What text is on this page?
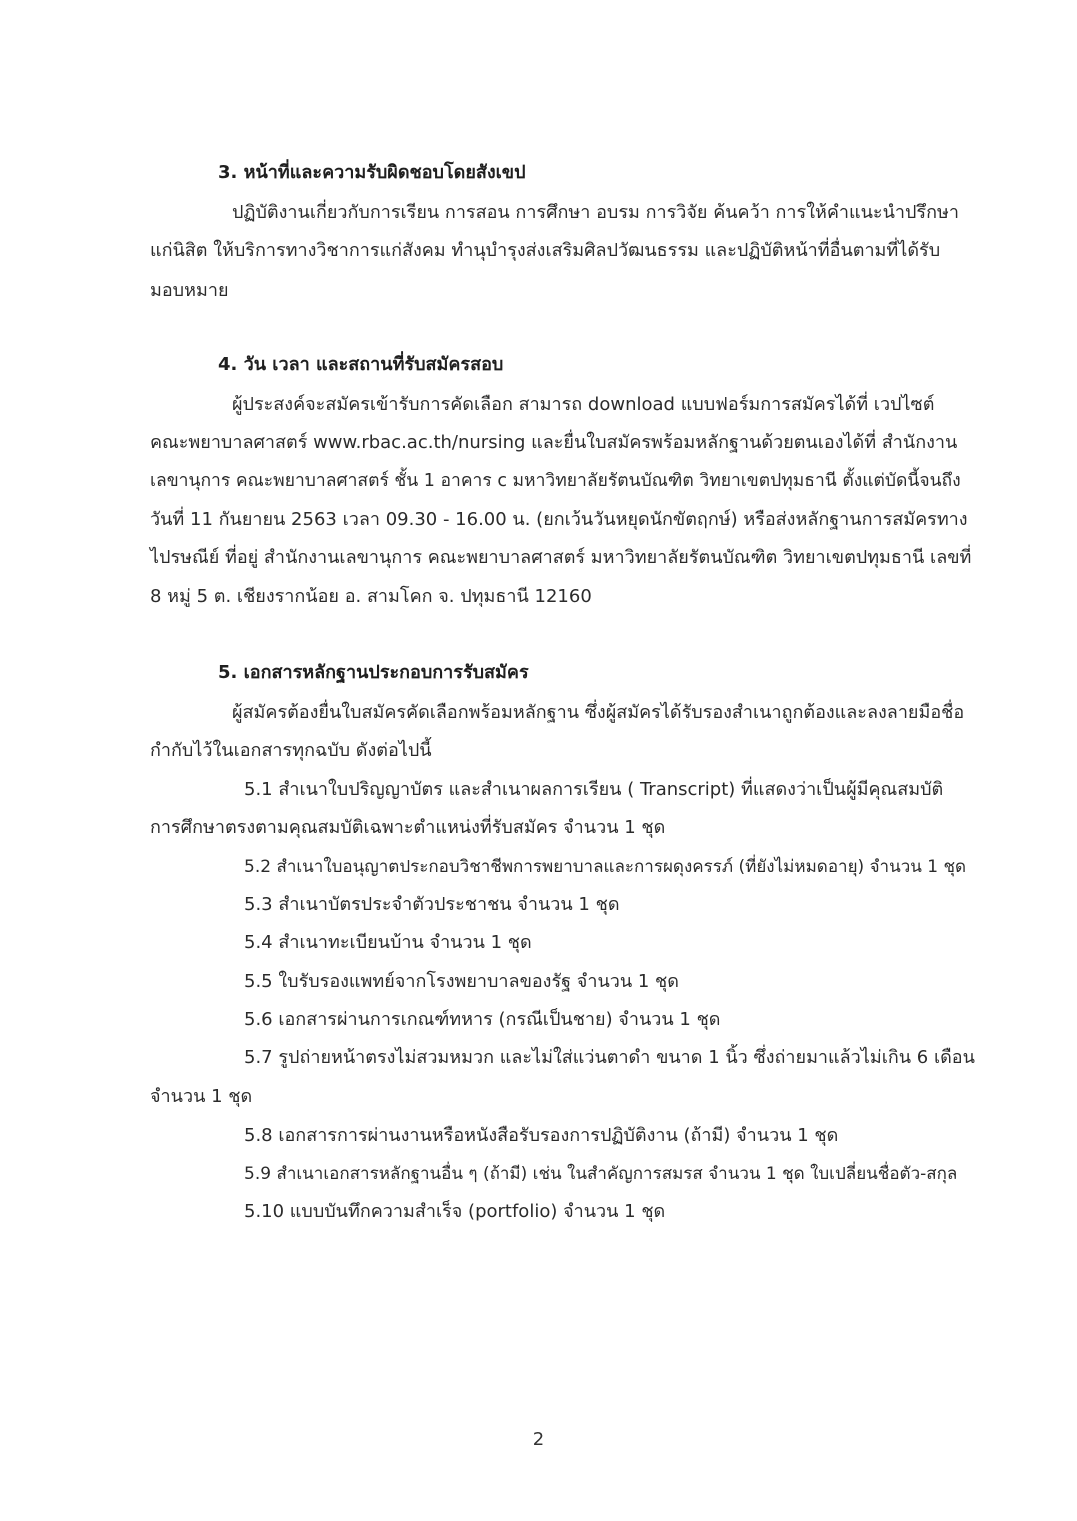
3. หน้าที่และความรับผิดชอบโดยสังเขป
ปฏิบัติงานเกี่ยวกับการเรียน การสอน การศึกษา อบรม การวิจัย ค้นคว้า การให้คำแนะนำปรึกษา
แก่นิสิต ให้บริการทางวิชาการแก่สังคม ทำนุบำรุงส่งเสริมศิลปวัฒนธรรม และปฏิบัติหน้าที่อื่นตามที่ได้รับ
มอบหมาย
4. วัน เวลา และสถานที่รับสมัครสอบ
ผู้ประสงค์จะสมัครเข้ารับการคัดเลือก สามารถ download แบบฟอร์มการสมัครได้ที่ เวปไซต์
คณะพยาบาลศาสตร์ www.rbac.ac.th/nursing และยื่นใบสมัครพร้อมหลักฐานด้วยตนเองได้ที่ สำนักงาน
เลขานุการ คณะพยาบาลศาสตร์ ชั้น 1 อาคาร c มหาวิทยาลัยรัตนบัณฑิต วิทยาเขตปทุมธานี ตั้งแต่บัดนี้จนถึง
วันที่ 11 กันยายน 2563 เวลา 09.30 - 16.00 น. (ยกเว้นวันหยุดนักขัตฤกษ์) หรือส่งหลักฐานการสมัครทาง
ไปรษณีย์ ที่อยู่ สำนักงานเลขานุการ คณะพยาบาลศาสตร์ มหาวิทยาลัยรัตนบัณฑิต วิทยาเขตปทุมธานี เลขที่
8 หมู่ 5 ต. เชียงรากน้อย อ. สามโคก จ. ปทุมธานี 12160
5. เอกสารหลักฐานประกอบการรับสมัคร
ผู้สมัครต้องยื่นใบสมัครคัดเลือกพร้อมหลักฐาน ซึ่งผู้สมัครได้รับรองสำเนาถูกต้องและลงลายมือชื่อ
กำกับไว้ในเอกสารทุกฉบับ ดังต่อไปนี้
5.1 สำเนาใบปริญญาบัตร และสำเนาผลการเรียน ( Transcript) ที่แสดงว่าเป็นผู้มีคุณสมบัติ
การศึกษาตรงตามคุณสมบัติเฉพาะตำแหน่งที่รับสมัคร จำนวน 1 ชุด
5.2 สำเนาใบอนุญาตประกอบวิชาชีพการพยาบาลและการผดุงครรภ์ (ที่ยังไม่หมดอายุ) จำนวน 1 ชุด
5.3 สำเนาบัตรประจำตัวประชาชน จำนวน 1 ชุด
5.4 สำเนาทะเบียนบ้าน จำนวน 1 ชุด
5.5 ใบรับรองแพทย์จากโรงพยาบาลของรัฐ จำนวน 1 ชุด
5.6 เอกสารผ่านการเกณฑ์ทหาร (กรณีเป็นชาย) จำนวน 1 ชุด
5.7 รูปถ่ายหน้าตรงไม่สวมหมวก และไม่ใส่แว่นตาดำ ขนาด 1 นิ้ว ซึ่งถ่ายมาแล้วไม่เกิน 6 เดือน
จำนวน 1 ชุด
5.8 เอกสารการผ่านงานหรือหนังสือรับรองการปฏิบัติงาน (ถ้ามี) จำนวน 1 ชุด
5.9 สำเนาเอกสารหลักฐานอื่น ๆ (ถ้ามี) เช่น ในสำคัญการสมรส จำนวน 1 ชุด ใบเปลี่ยนชื่อตัว-สกุล
5.10 แบบบันทึกความสำเร็จ (portfolio) จำนวน 1 ชุด
2
